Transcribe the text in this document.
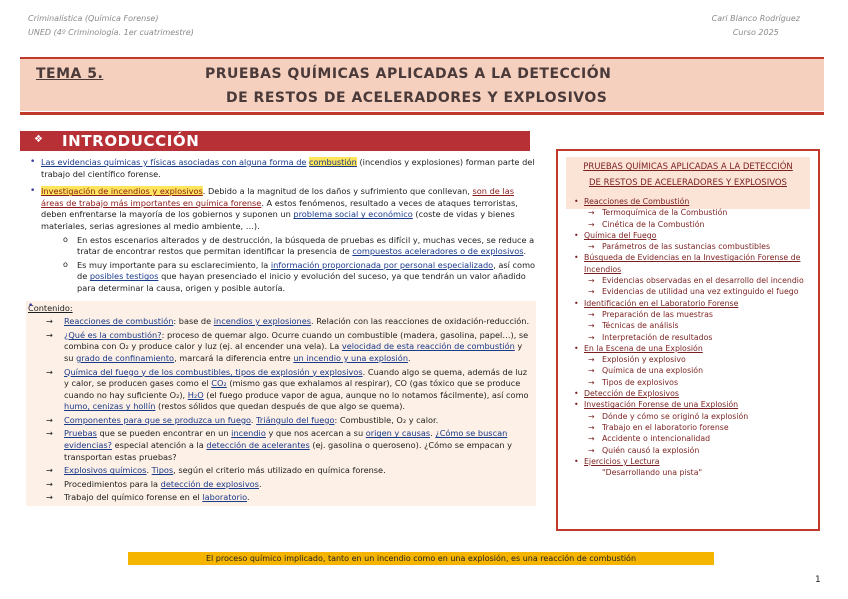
Criminalística (Química Forense)
UNED (4º Criminología. 1er cuatrimestre)
Cari Blanco Rodríguez
Curso 2025
TEMA 5.	PRUEBAS QUÍMICAS APLICADAS A LA DETECCIÓN
DE RESTOS DE ACELERADORES Y EXPLOSIVOS
❖ INTRODUCCIÓN
• Las evidencias químicas y físicas asociadas con alguna forma de combustión (incendios y explosiones) forman parte del trabajo del científico forense.
• Investigación de incendios y explosivos. Debido a la magnitud de los daños y sufrimiento que conllevan, son de las áreas de trabajo más importantes en química forense. A estos fenómenos, resultado a veces de ataques terroristas, deben enfrentarse la mayoría de los gobiernos y suponen un problema social y económico (coste de vidas y bienes materiales, serias agresiones al medio ambiente, …).
o En estos escenarios alterados y de destrucción, la búsqueda de pruebas es difícil y, muchas veces, se reduce a tratar de encontrar restos que permitan identificar la presencia de compuestos aceleradores o de explosivos.
o Es muy importante para su esclarecimiento, la información proporcionada por personal especializado, así como de posibles testigos que hayan presenciado el inicio y evolución del suceso, ya que tendrán un valor añadido para determinar la causa, origen y posible autoría.
• Contenido:
→ Reacciones de combustión: base de incendios y explosiones. Relación con las reacciones de oxidación-reducción.
→ ¿Qué es la combustión?: proceso de quemar algo. Ocurre cuando un combustible (madera, gasolina, papel…), se combina con O₂ y produce calor y luz (ej. al encender una vela). La velocidad de esta reacción de combustión y su grado de confinamiento, marcará la diferencia entre un incendio y una explosión.
→ Química del fuego y de los combustibles, tipos de explosión y explosivos. Cuando algo se quema, además de luz y calor, se producen gases como el CO₂ (mismo gas que exhalamos al respirar), CO (gas tóxico que se produce cuando no hay suficiente O₂), H₂O (el fuego produce vapor de agua, aunque no lo notamos fácilmente), así como humo, cenizas y hollín (restos sólidos que quedan después de que algo se quema).
→ Componentes para que se produzca un fuego. Triángulo del fuego: Combustible, O₂ y calor.
→ Pruebas que se pueden encontrar en un incendio y que nos acercan a su origen y causas. ¿Cómo se buscan evidencias? especial atención a la detección de acelerantes (ej. gasolina o queroseno). ¿Cómo se empacan y transportan estas pruebas?
→ Explosivos químicos. Tipos, según el criterio más utilizado en química forense.
→ Procedimientos para la detección de explosivos.
→ Trabajo del químico forense en el laboratorio.
El proceso químico implicado, tanto en un incendio como en una explosión, es una reacción de combustión
1
PRUEBAS QUÍMICAS APLICADAS A LA DETECCIÓN
DE RESTOS DE ACELERADORES Y EXPLOSIVOS
• Reacciones de Combustión
→ Termoquímica de la Combustión
→ Cinética de la Combustión
• Química del Fuego
→ Parámetros de las sustancias combustibles
• Búsqueda de Evidencias en la Investigación Forense de Incendios
→ Evidencias observadas en el desarrollo del incendio
→ Evidencias de utilidad una vez extinguido el fuego
• Identificación en el Laboratorio Forense
→ Preparación de las muestras
→ Técnicas de análisis
→ Interpretación de resultados
• En la Escena de una Explosión
→ Explosión y explosivo
→ Química de una explosión
→ Tipos de explosivos
• Detección de Explosivos
• Investigación Forense de una Explosión
→ Dónde y cómo se originó la explosión
→ Trabajo en el laboratorio forense
→ Accidente o intencionalidad
→ Quién causó la explosión
• Ejercicios y Lectura
"Desarrollando una pista"
